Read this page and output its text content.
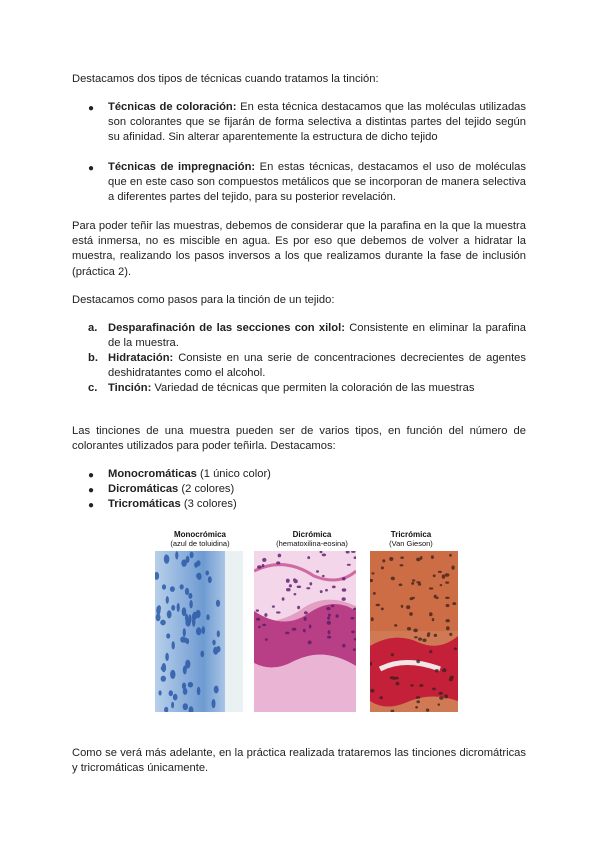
Destacamos dos tipos de técnicas cuando tratamos la tinción:

● Técnicas de coloración: En esta técnica destacamos que las moléculas utilizadas son colorantes que se fijarán de forma selectiva a distintas partes del tejido según su afinidad. Sin alterar aparentemente la estructura de dicho tejido

● Técnicas de impregnación: En estas técnicas, destacamos el uso de moléculas que en este caso son compuestos metálicos que se incorporan de manera selectiva a diferentes partes del tejido, para su posterior revelación.

Para poder teñir las muestras, debemos de considerar que la parafina en la que la muestra está inmersa, no es miscible en agua. Es por eso que debemos de volver a hidratar la muestra, realizando los pasos inversos a los que realizamos durante la fase de inclusión (práctica 2).

Destacamos como pasos para la tinción de un tejido:

a. Desparafinación de las secciones con xilol: Consistente en eliminar la parafina de la muestra.

b. Hidratación: Consiste en una serie de concentraciones decrecientes de agentes deshidratantes como el alcohol.

c. Tinción: Variedad de técnicas que permiten la coloración de las muestras

Las tinciones de una muestra pueden ser de varios tipos, en función del número de colorantes utilizados para poder teñirla. Destacamos:

● Monocromáticas (1 único color)

● Dicromáticas (2 colores)

● Tricromáticas (3 colores)

Monocrómica
(azul de toluidina)
Dicrómica
(hematoxilina-eosina)
Tricrómica
(Van Gieson)

Como se verá más adelante, en la práctica realizada trataremos las tinciones dicromátricas y tricromáticas únicamente.
